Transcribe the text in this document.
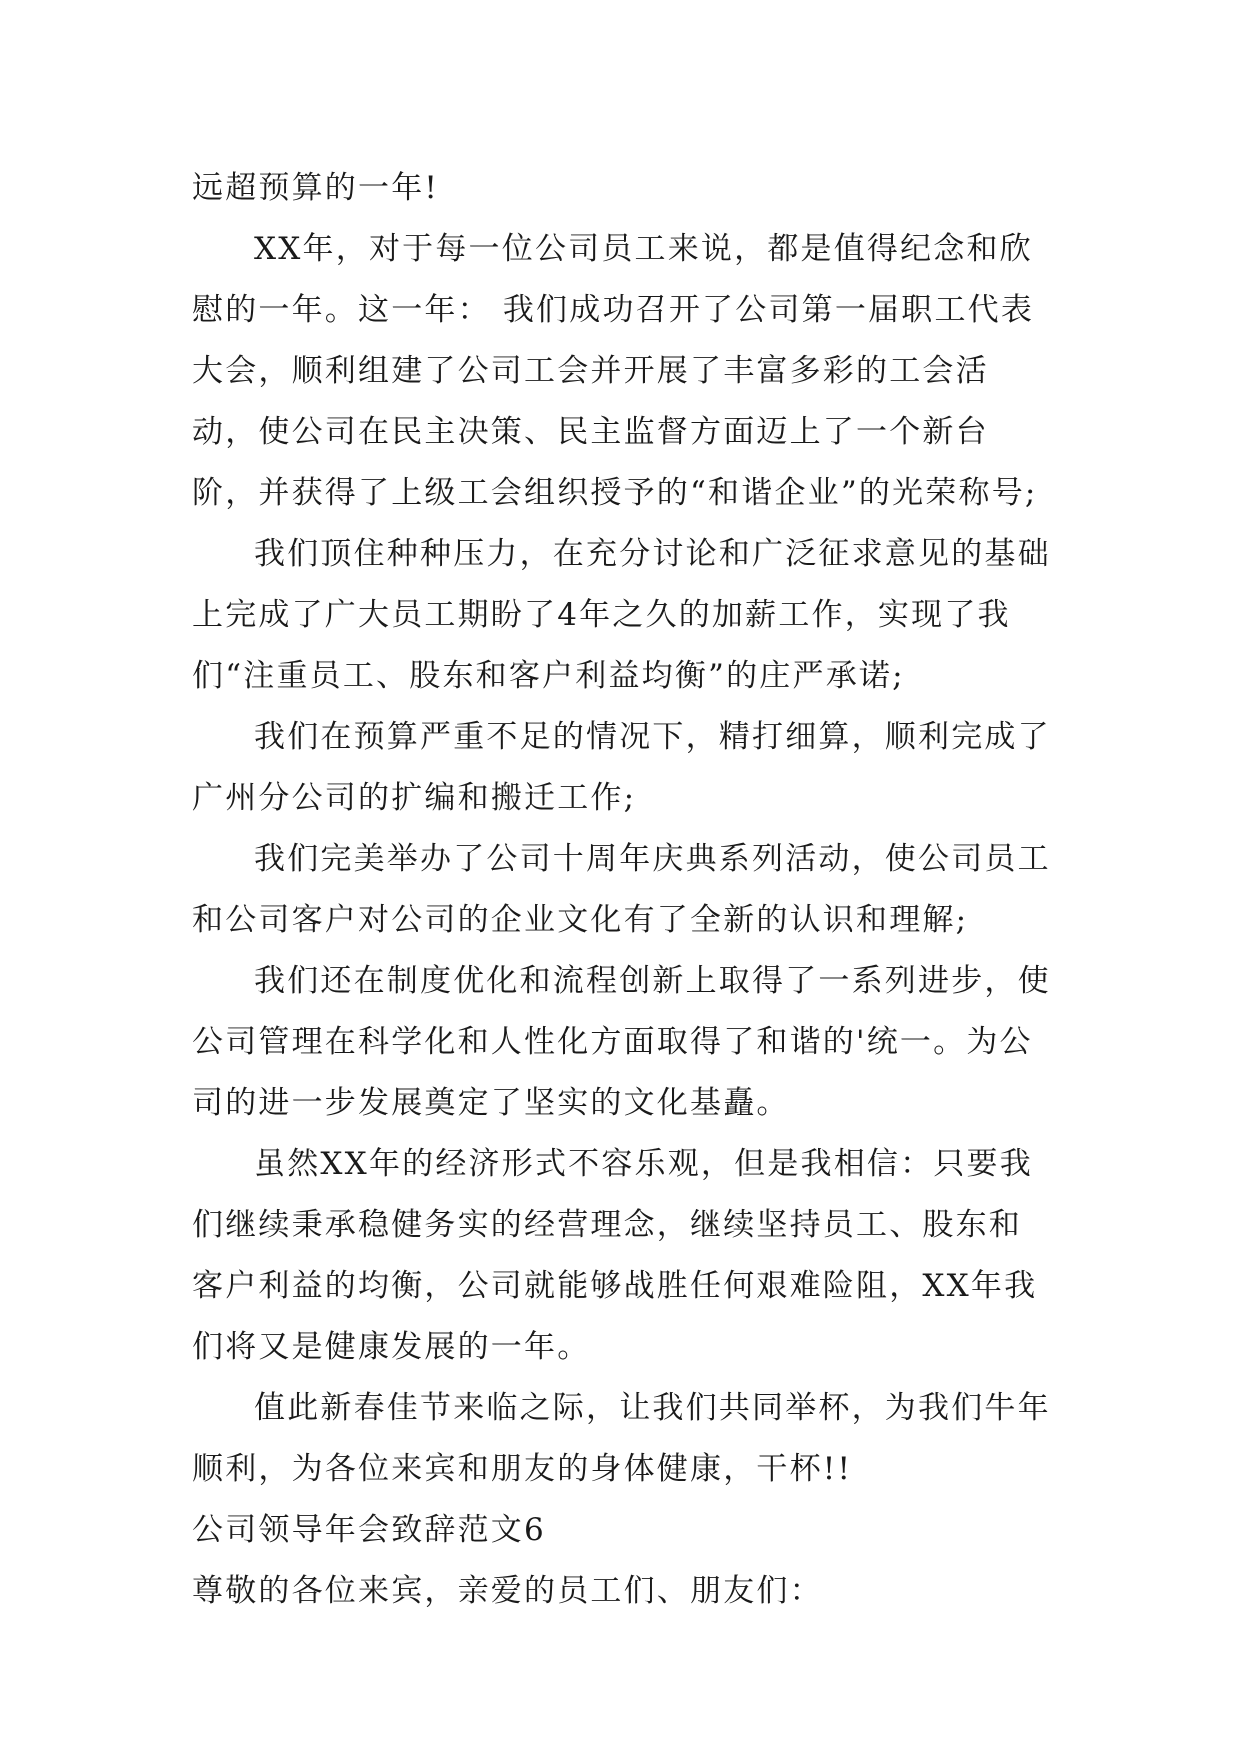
远超预算的一年!

XX年，对于每一位公司员工来说，都是值得纪念和欣慰的一年。这一年： 我们成功召开了公司第一届职工代表大会，顺利组建了公司工会并开展了丰富多彩的工会活动，使公司在民主决策、民主监督方面迈上了一个新台阶，并获得了上级工会组织授予的“和谐企业”的光荣称号;

我们顶住种种压力，在充分讨论和广泛征求意见的基础上完成了广大员工期盼了4年之久的加薪工作，实现了我们“注重员工、股东和客户利益均衡”的庄严承诺;

我们在预算严重不足的情况下，精打细算，顺利完成了广州分公司的扩编和搬迁工作;

我们完美举办了公司十周年庆典系列活动，使公司员工和公司客户对公司的企业文化有了全新的认识和理解;

我们还在制度优化和流程创新上取得了一系列进步，使公司管理在科学化和人性化方面取得了和谐的'统一。为公司的进一步发展奠定了坚实的文化基矗。

虽然XX年的经济形式不容乐观，但是我相信：只要我们继续秉承稳健务实的经营理念，继续坚持员工、股东和客户利益的均衡，公司就能够战胜任何艰难险阻，XX年我们将又是健康发展的一年。

值此新春佳节来临之际，让我们共同举杯，为我们牛年顺利，为各位来宾和朋友的身体健康，干杯!!

公司领导年会致辞范文6

尊敬的各位来宾，亲爱的员工们、朋友们：
